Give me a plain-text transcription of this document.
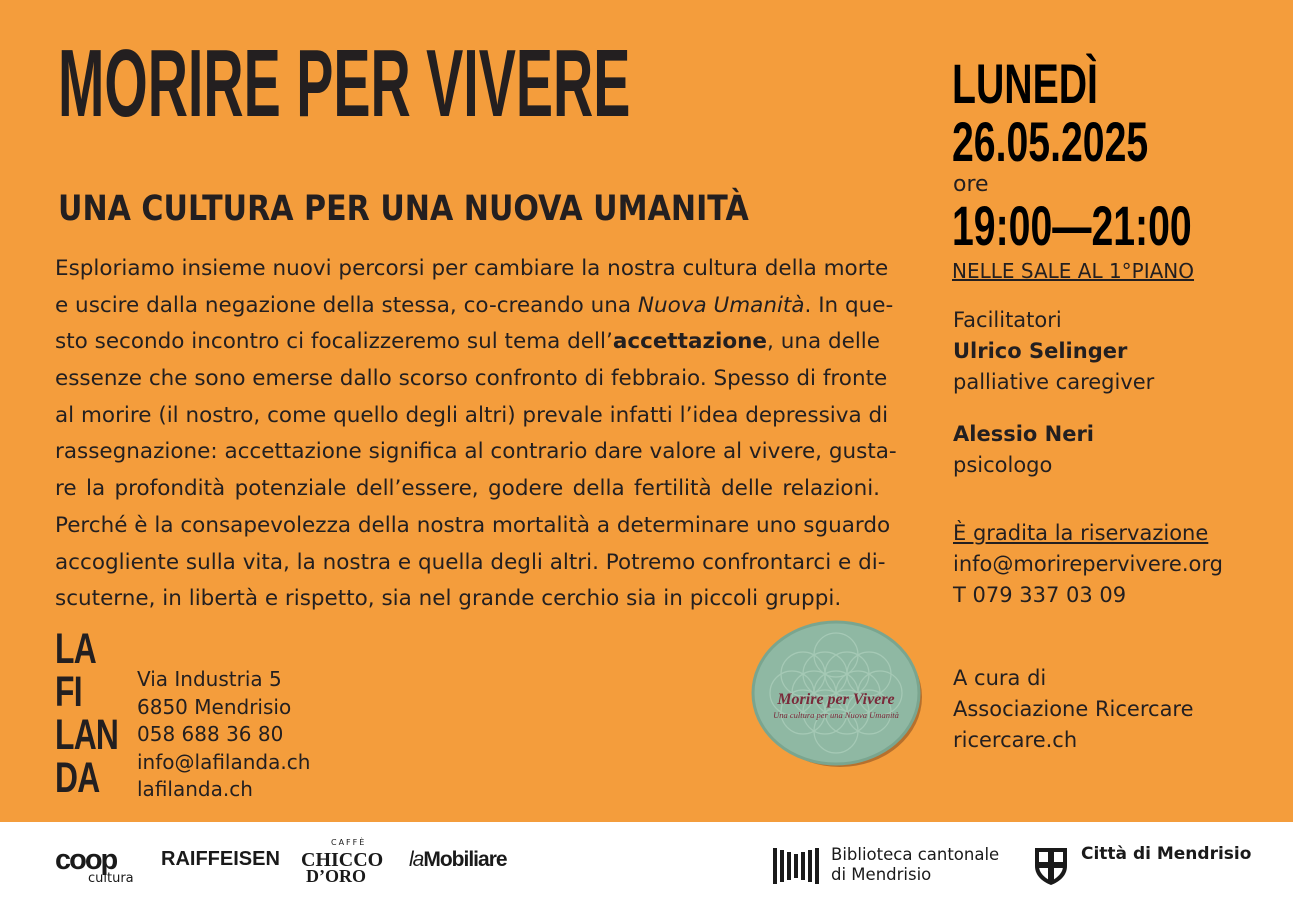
MORIRE PER VIVERE
UNA CULTURA PER UNA NUOVA UMANITÀ
Esploriamo insieme nuovi percorsi per cambiare la nostra cultura della morte
e uscire dalla negazione della stessa, co-creando una Nuova Umanità. In que-
sto secondo incontro ci focalizzeremo sul tema dell’accettazione, una delle
essenze che sono emerse dallo scorso confronto di febbraio. Spesso di fronte
al morire (il nostro, come quello degli altri) prevale infatti l’idea depressiva di
rassegnazione: accettazione significa al contrario dare valore al vivere, gusta-
re la profondità potenziale dell’essere, godere della fertilità delle relazioni.
Perché è la consapevolezza della nostra mortalità a determinare uno sguardo
accogliente sulla vita, la nostra e quella degli altri. Potremo confrontarci e di-
scuterne, in libertà e rispetto, sia nel grande cerchio sia in piccoli gruppi.
LUNEDÌ
26.05.2025
ore
19:00—21:00
NELLE SALE AL 1°PIANO
Facilitatori
Ulrico Selinger
palliative caregiver
Alessio Neri
psicologo
È gradita la riservazione
info@morirepervivere.org
T 079 337 03 09
A cura di
Associazione Ricercare
ricercare.ch
LA
FI
LAN
DA
Via Industria 5
6850 Mendrisio
058 688 36 80
info@lafilanda.ch
lafilanda.ch
Morire per Vivere
Una cultura per una Nuova Umanità
coop
cultura
RAIFFEISEN
CAFFÈ
CHICCO
D’ORO
laMobiliare	Biblioteca cantonale
di Mendrisio
Città di Mendrisio
